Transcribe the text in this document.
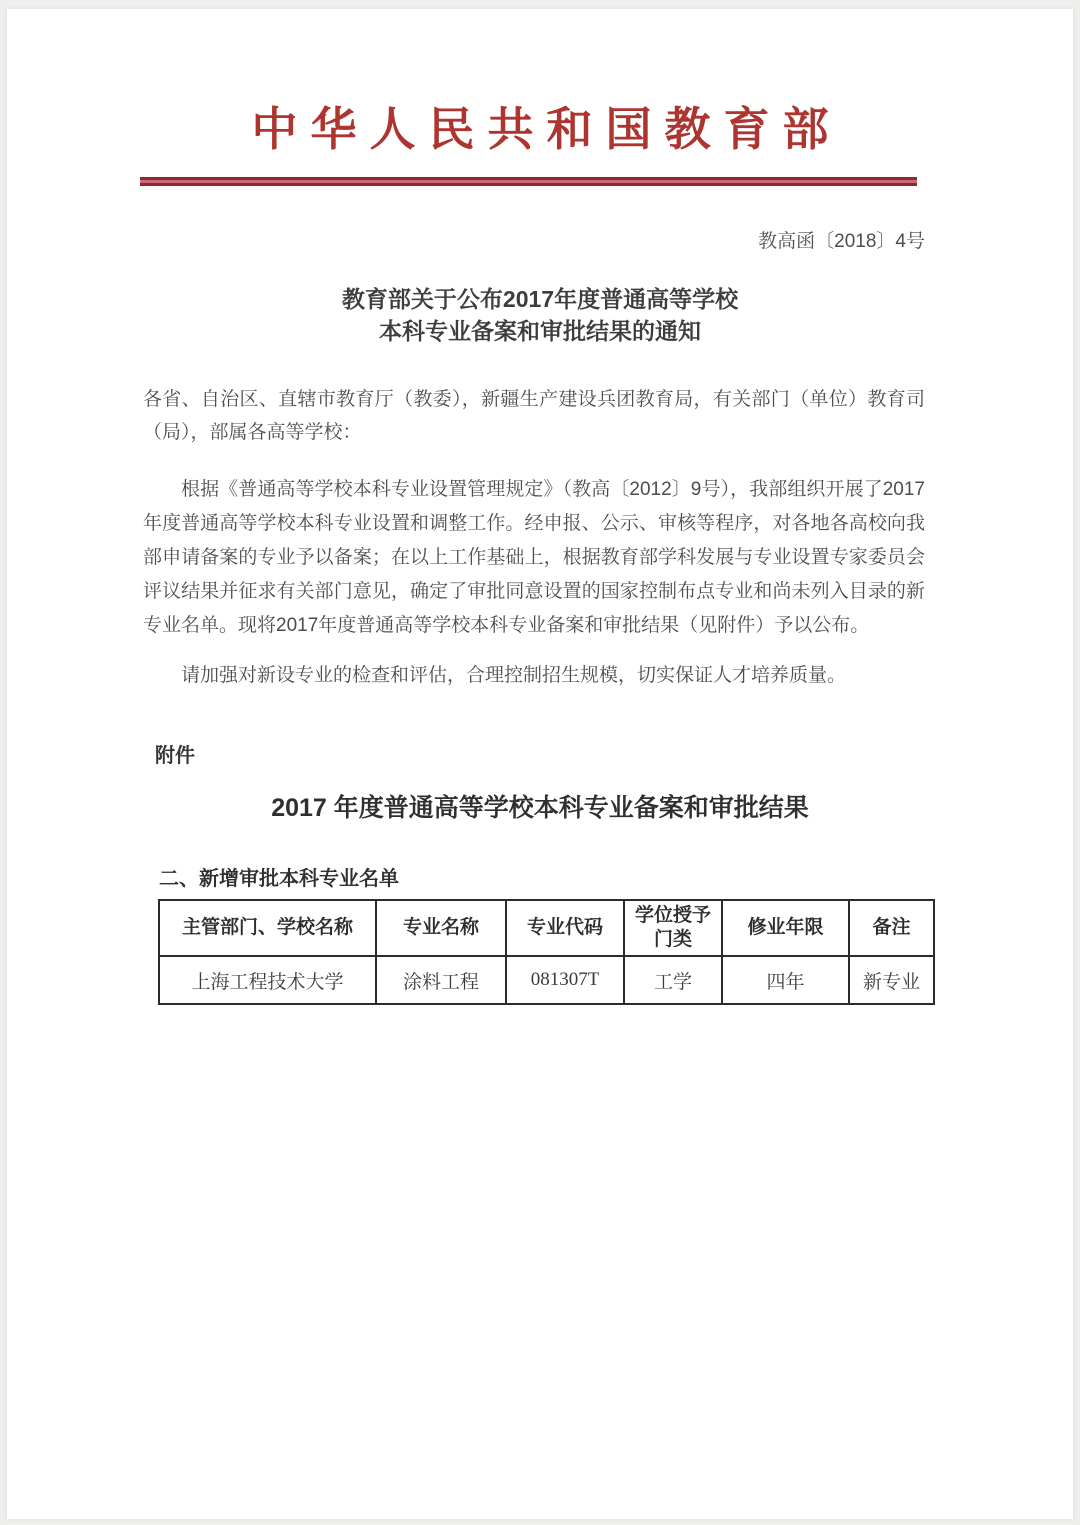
中华人民共和国教育部
教高函〔2018〕4号
教育部关于公布2017年度普通高等学校
本科专业备案和审批结果的通知

各省、自治区、直辖市教育厅（教委），新疆生产建设兵团教育局，有关部门（单位）教育司（局），部属各高等学校：

根据《普通高等学校本科专业设置管理规定》（教高〔2012〕9号），我部组织开展了2017年度普通高等学校本科专业设置和调整工作。经申报、公示、审核等程序，对各地各高校向我部申请备案的专业予以备案；在以上工作基础上，根据教育部学科发展与专业设置专家委员会评议结果并征求有关部门意见，确定了审批同意设置的国家控制布点专业和尚未列入目录的新专业名单。现将2017年度普通高等学校本科专业备案和审批结果（见附件）予以公布。

请加强对新设专业的检查和评估，合理控制招生规模，切实保证人才培养质量。

附件
2017 年度普通高等学校本科专业备案和审批结果
二、新增审批本科专业名单
主管部门、学校名称	专业名称	专业代码	学位授予门类	修业年限	备注
上海工程技术大学	涂料工程	081307T	工学	四年	新专业
